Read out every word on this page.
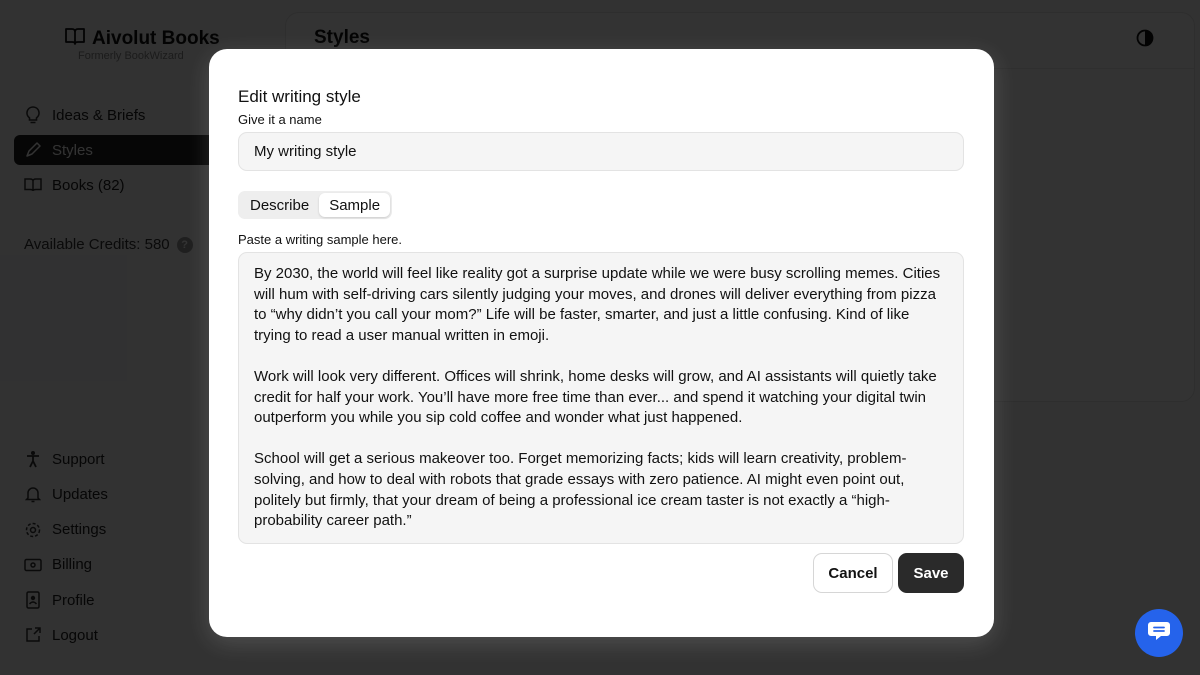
Edit writing style
Give it a name
My writing style
Describe	Sample
Paste a writing sample here.

By 2030, the world will feel like reality got a surprise update while we were busy scrolling memes. Cities will hum with self-driving cars silently judging your moves, and drones will deliver everything from pizza to “why didn’t you call your mom?” Life will be faster, smarter, and just a little confusing. Kind of like trying to read a user manual written in emoji.

Work will look very different. Offices will shrink, home desks will grow, and AI assistants will quietly take credit for half your work. You’ll have more free time than ever... and spend it watching your digital twin outperform you while you sip cold coffee and wonder what just happened.

School will get a serious makeover too. Forget memorizing facts; kids will learn creativity, problem-solving, and how to deal with robots that grade essays with zero patience. AI might even point out, politely but firmly, that your dream of being a professional ice cream taster is not exactly a “high-probability career path.”

Cancel	Save
